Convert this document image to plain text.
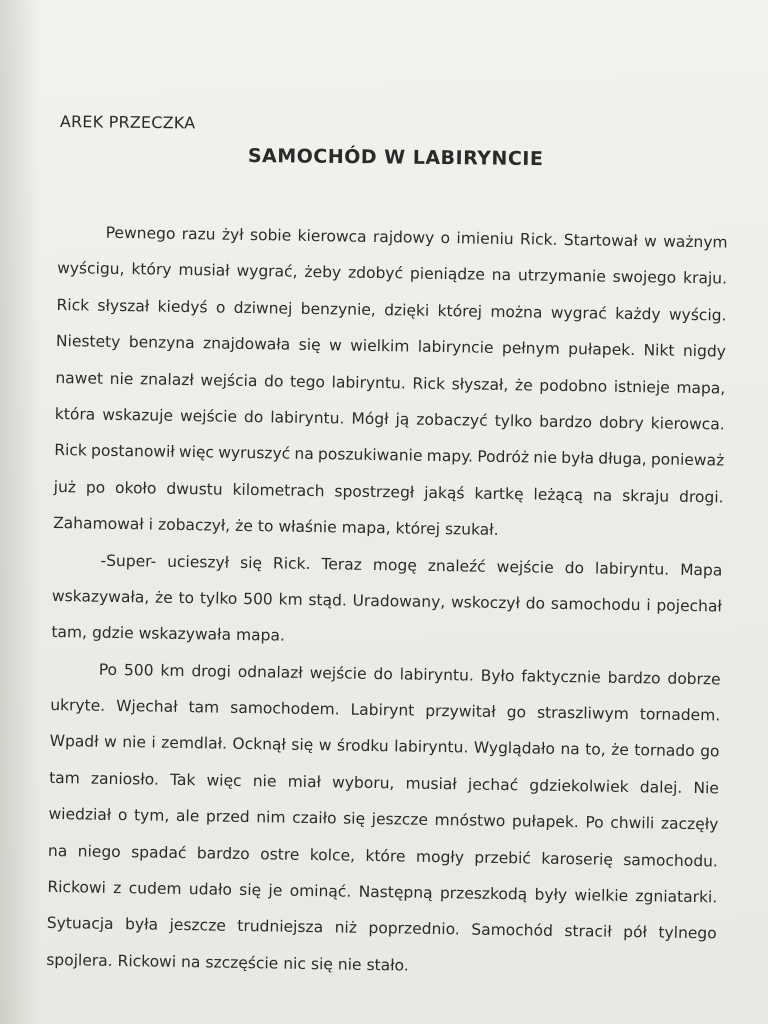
AREK PRZECZKA
SAMOCHÓD W LABIRYNCIE
Pewnego razu żył sobie kierowca rajdowy o imieniu Rick. Startował w ważnym
wyścigu, który musiał wygrać, żeby zdobyć pieniądze na utrzymanie swojego kraju.
Rick słyszał kiedyś o dziwnej benzynie, dzięki której można wygrać każdy wyścig.
Niestety benzyna znajdowała się w wielkim labiryncie pełnym pułapek. Nikt nigdy
nawet nie znalazł wejścia do tego labiryntu. Rick słyszał, że podobno istnieje mapa,
która wskazuje wejście do labiryntu. Mógł ją zobaczyć tylko bardzo dobry kierowca.
Rick postanowił więc wyruszyć na poszukiwanie mapy. Podróż nie była długa, ponieważ
już po około dwustu kilometrach spostrzegł jakąś kartkę leżącą na skraju drogi.
Zahamował i zobaczył, że to właśnie mapa, której szukał.
-Super- ucieszył się Rick. Teraz mogę znaleźć wejście do labiryntu. Mapa
wskazywała, że to tylko 500 km stąd. Uradowany, wskoczył do samochodu i pojechał
tam, gdzie wskazywała mapa.
Po 500 km drogi odnalazł wejście do labiryntu. Było faktycznie bardzo dobrze
ukryte. Wjechał tam samochodem. Labirynt przywitał go straszliwym tornadem.
Wpadł w nie i zemdlał. Ocknął się w środku labiryntu. Wyglądało na to, że tornado go
tam zaniosło. Tak więc nie miał wyboru, musiał jechać gdziekolwiek dalej. Nie
wiedział o tym, ale przed nim czaiło się jeszcze mnóstwo pułapek. Po chwili zaczęły
na niego spadać bardzo ostre kolce, które mogły przebić karoserię samochodu.
Rickowi z cudem udało się je ominąć. Następną przeszkodą były wielkie zgniatarki.
Sytuacja była jeszcze trudniejsza niż poprzednio. Samochód stracił pół tylnego
spojlera. Rickowi na szczęście nic się nie stało.
